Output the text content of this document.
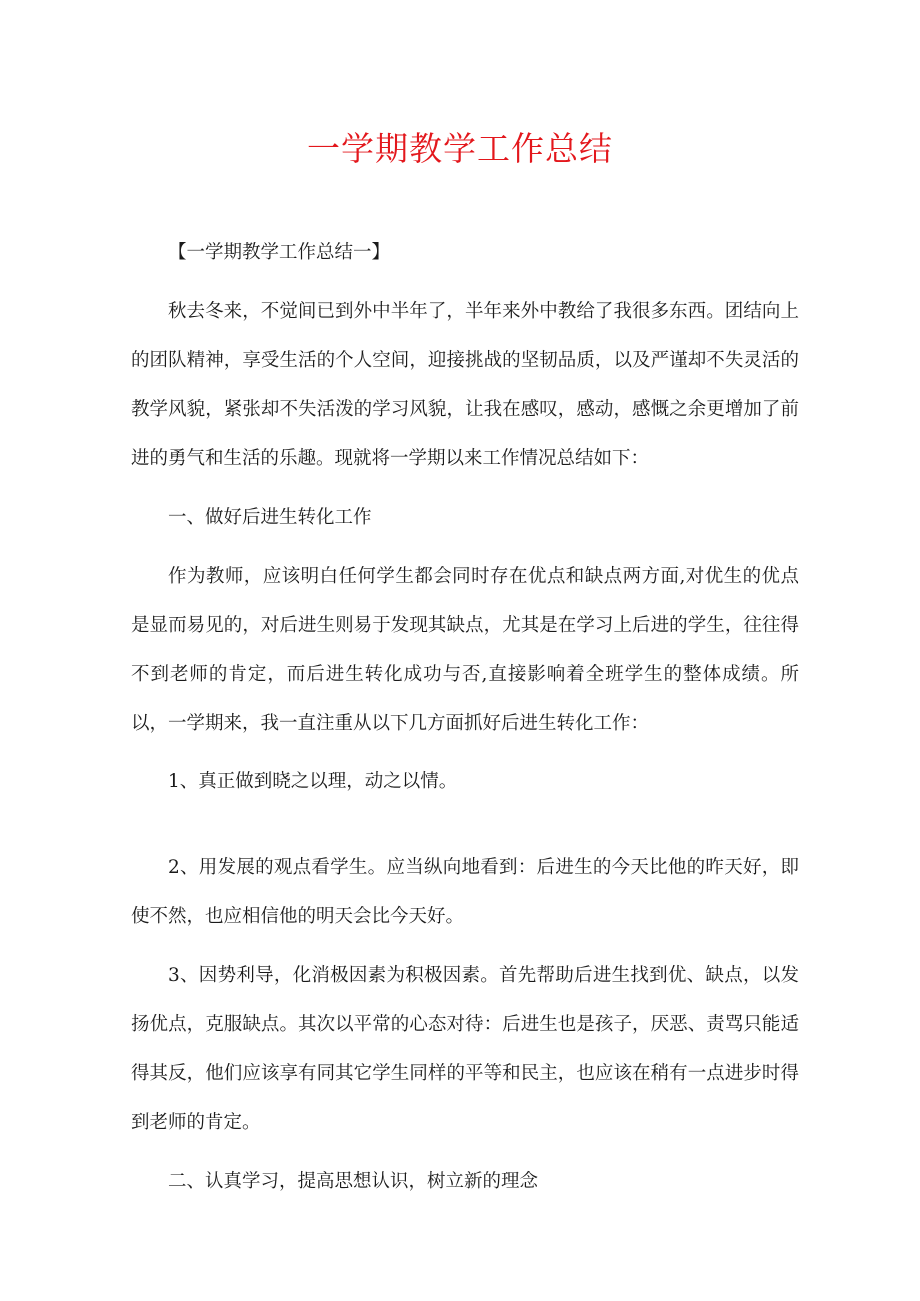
一学期教学工作总结

【一学期教学工作总结一】

秋去冬来，不觉间已到外中半年了，半年来外中教给了我很多东西。团结向上的团队精神，享受生活的个人空间，迎接挑战的坚韧品质，以及严谨却不失灵活的教学风貌，紧张却不失活泼的学习风貌，让我在感叹，感动，感慨之余更增加了前进的勇气和生活的乐趣。现就将一学期以来工作情况总结如下：

一、做好后进生转化工作

作为教师，应该明白任何学生都会同时存在优点和缺点两方面,对优生的优点是显而易见的，对后进生则易于发现其缺点，尤其是在学习上后进的学生，往往得不到老师的肯定，而后进生转化成功与否,直接影响着全班学生的整体成绩。所以，一学期来，我一直注重从以下几方面抓好后进生转化工作：

1、真正做到晓之以理，动之以情。

2、用发展的观点看学生。应当纵向地看到：后进生的今天比他的昨天好，即使不然，也应相信他的明天会比今天好。

3、因势利导，化消极因素为积极因素。首先帮助后进生找到优、缺点，以发扬优点，克服缺点。其次以平常的心态对待：后进生也是孩子，厌恶、责骂只能适得其反，他们应该享有同其它学生同样的平等和民主，也应该在稍有一点进步时得到老师的肯定。

二、认真学习，提高思想认识，树立新的理念
